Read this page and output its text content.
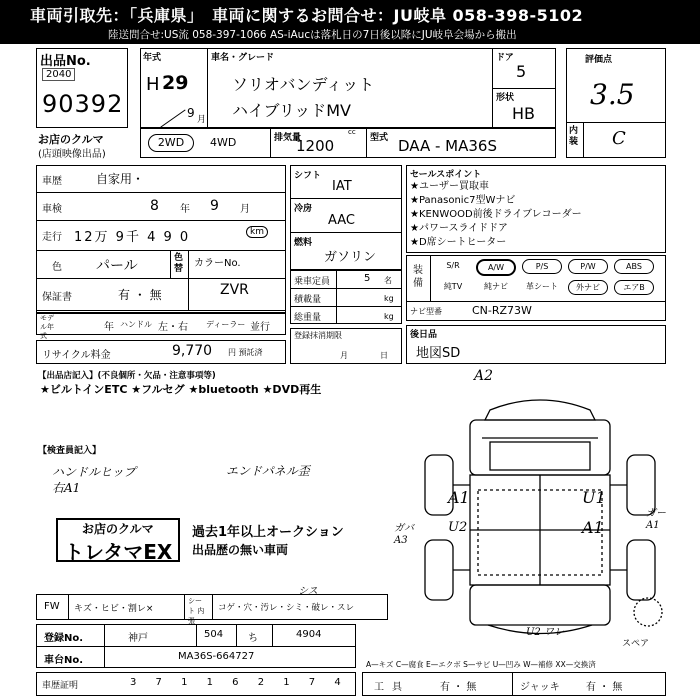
車両引取先：「兵庫県」　車両に関するお問合せ：JU岐阜 058-398-5102
陸送問合せ:US流 058-397-1066 AS-iAucは落札日の7日後以降にJU岐阜会場から搬出
出品No.
2040
90392
お店のクルマ
(店頭映像出品)
年式
H 29
9 月
車名・グレード
ソリオバンディット
ハイブリッドMV
ドア
5
形状
HB
評価点
3.5
内装 C
2WD	4WD	排気量
cc
1200	型式 DAA - MA36S
車歴	自家用・
車検	8 年 9 月
走行 12万 9千 4 9 0	km
色 パール	色替 カラーNo.
保証書	有 ・ 無	ZVR
モデル年式
年 ハンドル 左・右 ディーラー 並行
リサイクル料金	9,770 円 預託済
シフト
IAT
冷房
AAC
燃料
ガソリン
乗車定員	5 名
積載量	kg
総重量	kg
登録抹消期限
月	日
セールスポイント
★ユーザー買取車
★Panasonic7型Wナビ
★KENWOOD前後ドライブレコーダー
★パワースライドドア
★D席シートヒーター
装備
S/R	A/W	P/S	P/W	ABS
純TV	純ナビ	革シート	外ナビ	エアB
ナビ型番	CN-RZ73W
後日品
地図SD
【出品店記入】(不良個所・欠品・注意事項等)
★ビルトインETC ★フルセグ ★bluetooth ★DVD再生
【検査員記入】
ハンドルヒップ 右A1
エンドパネル歪
お店のクルマ
トレタマEX
過去1年以上オークション
出品歴の無い車両
FW キズ・ヒビ・割レ×
シート 内張
コゲ・穴・汚レ・シミ・破レ・スレ
シス
登録No.	神戸	504 ち	4904
車台No.	MA36S-664727
車歴証明	3 7 1 1 6 2 1 7 4	工具	有 ・ 無	ジャッキ	有 ・ 無
A2
A1
U2
U1
A1
ガバA3
ガーA1
U2 ワレ
スペア
A—キズ C—腐食 E—エクボ S—サビ U—凹み W—補修 XX—交換済
